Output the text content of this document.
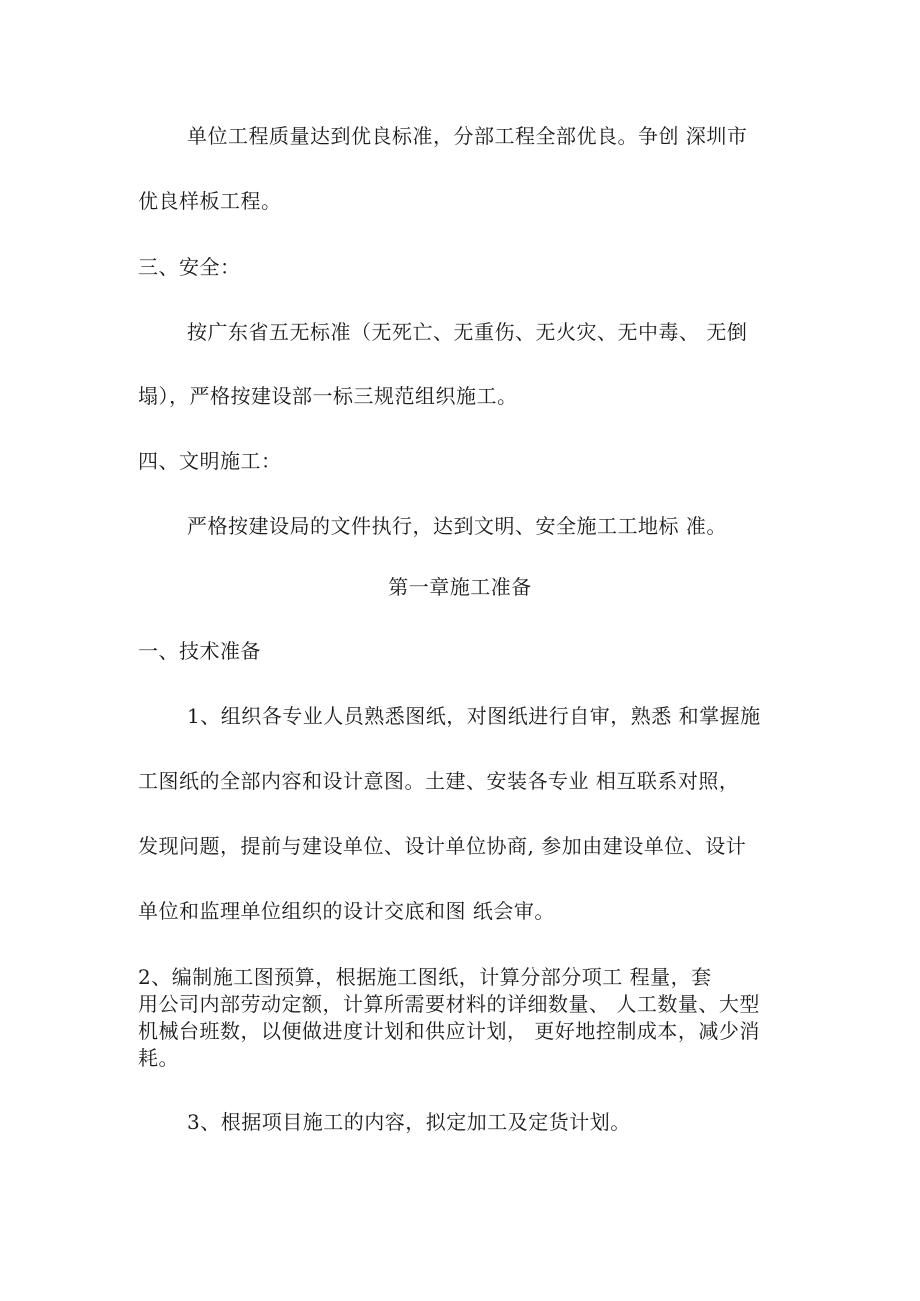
单位工程质量达到优良标准，分部工程全部优良。争创 深圳市
优良样板工程。
三、安全：
按广东省五无标准（无死亡、无重伤、无火灾、无中毒、 无倒
塌），严格按建设部一标三规范组织施工。
四、文明施工：
严格按建设局的文件执行，达到文明、安全施工工地标 准。
第一章施工准备
一、技术准备
1、组织各专业人员熟悉图纸，对图纸进行自审，熟悉 和掌握施
工图纸的全部内容和设计意图。土建、安装各专业 相互联系对照，
发现问题，提前与建设单位、设计单位协商, 参加由建设单位、设计
单位和监理单位组织的设计交底和图 纸会审。
2、编制施工图预算，根据施工图纸，计算分部分项工 程量，套
用公司内部劳动定额，计算所需要材料的详细数量、 人工数量、大型
机械台班数，以便做进度计划和供应计划， 更好地控制成本，减少消
耗。
3、根据项目施工的内容，拟定加工及定货计划。
